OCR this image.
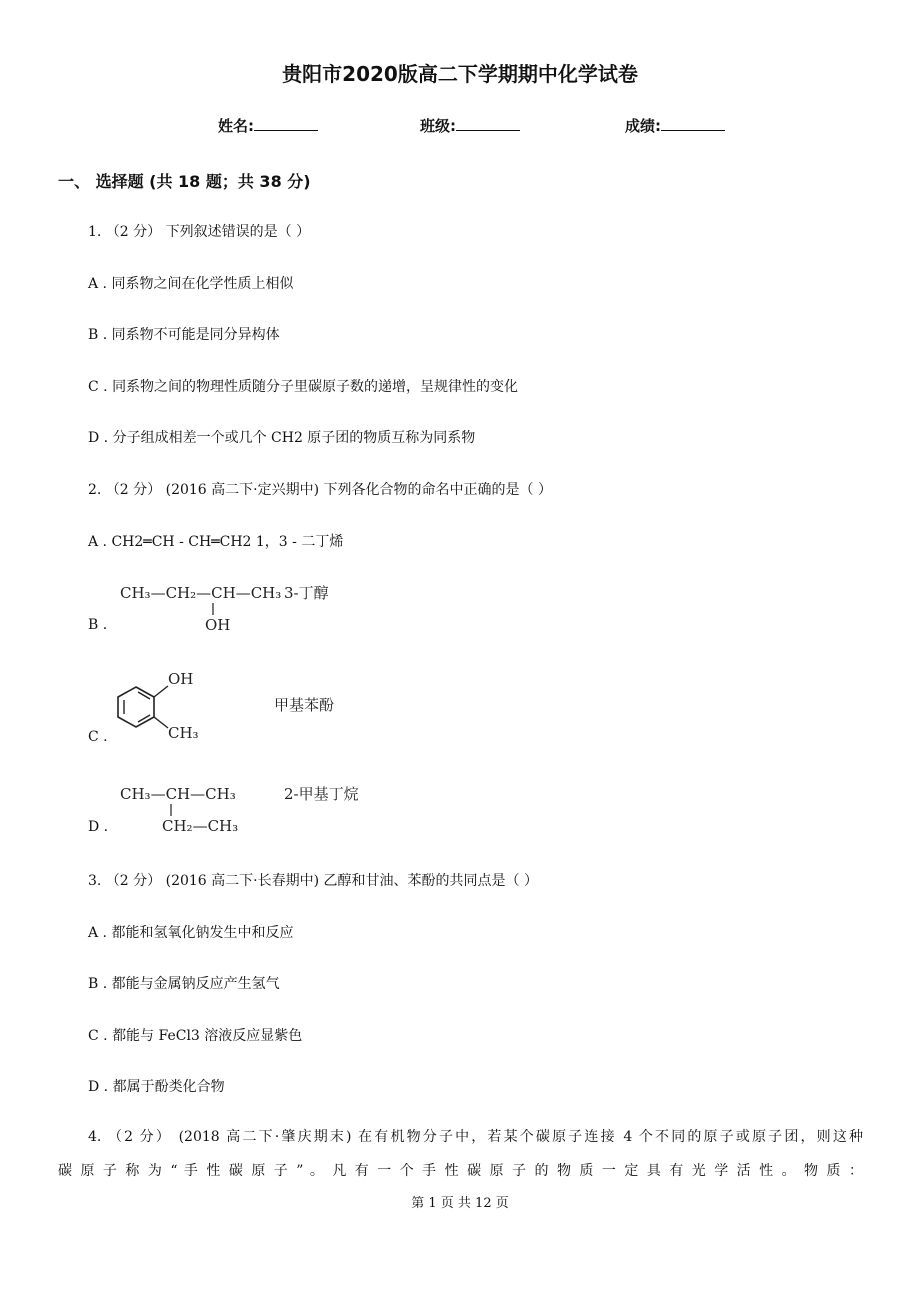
贵阳市2020版高二下学期期中化学试卷
姓名:	班级:	成绩:
一、 选择题 (共 18 题；共 38 分)
1. （2 分） 下列叙述错误的是（ ）
A . 同系物之间在化学性质上相似
B . 同系物不可能是同分异构体
C . 同系物之间的物理性质随分子里碳原子数的递增，呈规律性的变化
D . 分子组成相差一个或几个 CH2 原子团的物质互称为同系物
2. （2 分） (2016 高二下·定兴期中) 下列各化合物的命名中正确的是（ ）
A . CH2═CH - CH═CH2 1，3 - 二丁烯
B .
CH₃—CH₂—CH—CH₃
OH
3-丁醇
C .
OH
CH₃
甲基苯酚
D .
CH₃—CH—CH₃
CH₂—CH₃
2-甲基丁烷
3. （2 分） (2016 高二下·长春期中) 乙醇和甘油、苯酚的共同点是（ ）
A . 都能和氢氧化钠发生中和反应
B . 都能与金属钠反应产生氢气
C . 都能与 FeCl3 溶液反应显紫色
D . 都属于酚类化合物
4. （2 分） (2018 高二下·肇庆期末) 在有机物分子中，若某个碳原子连接 4 个不同的原子或原子团，则这种
碳 原 子 称 为 “ 手 性 碳 原 子 ” 。 凡 有 一 个 手 性 碳 原 子 的 物 质 一 定 具 有 光 学 活 性 。 物 质 ：
第 1 页 共 12 页
